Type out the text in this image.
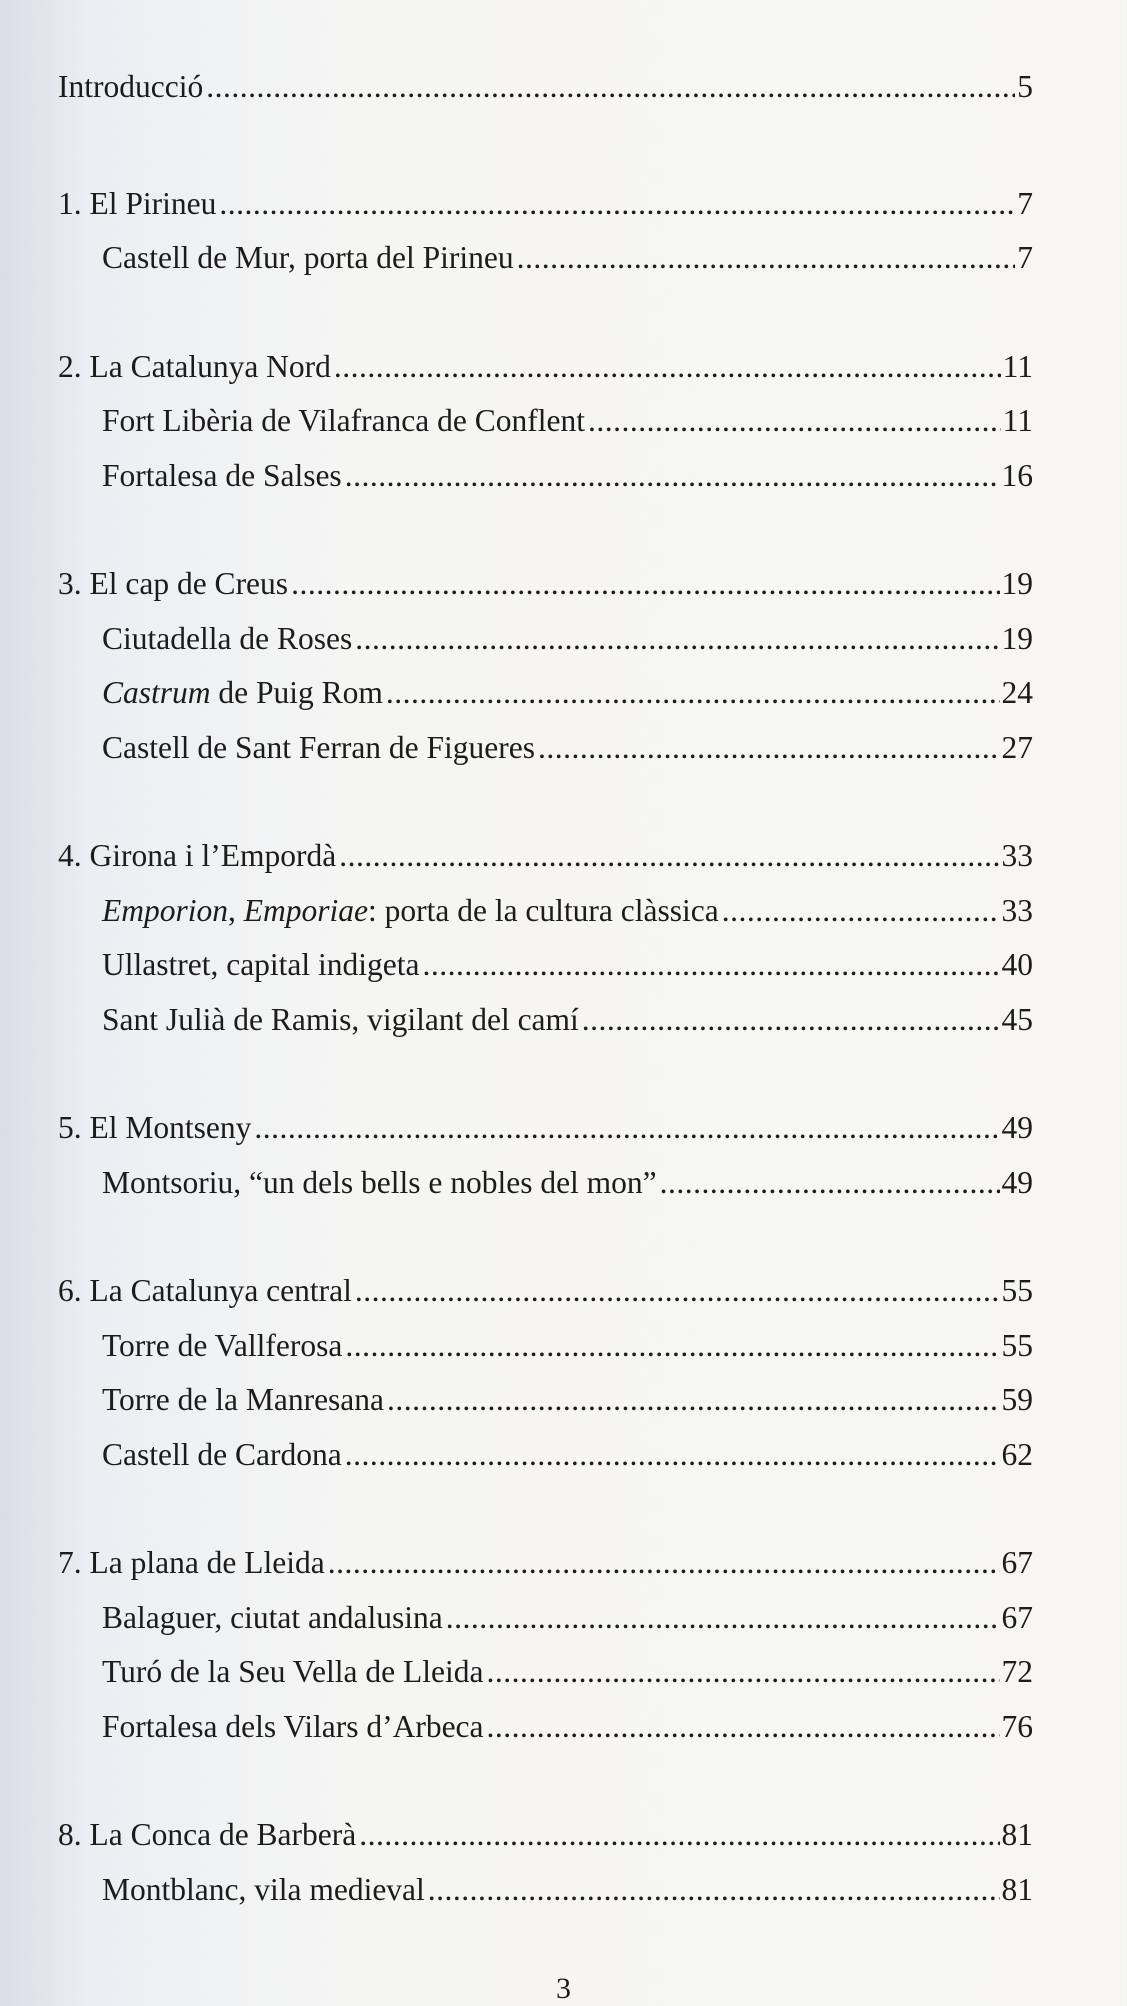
Introducció .....	5
1. El Pirineu .....	7
Castell de Mur, porta del Pirineu .....	7
2. La Catalunya Nord .....	11
Fort Libèria de Vilafranca de Conflent .....	11
Fortalesa de Salses .....	16
3. El cap de Creus .....	19
Ciutadella de Roses .....	19
Castrum de Puig Rom .....	24
Castell de Sant Ferran de Figueres .....	27
4. Girona i l’Empordà .....	33
Emporion, Emporiae: porta de la cultura clàssica .....	33
Ullastret, capital indigeta .....	40
Sant Julià de Ramis, vigilant del camí .....	45
5. El Montseny .....	49
Montsoriu, “un dels bells e nobles del mon” .....	49
6. La Catalunya central .....	55
Torre de Vallferosa .....	55
Torre de la Manresana .....	59
Castell de Cardona .....	62
7. La plana de Lleida .....	67
Balaguer, ciutat andalusina .....	67
Turó de la Seu Vella de Lleida .....	72
Fortalesa dels Vilars d’Arbeca .....	76
8. La Conca de Barberà .....	81
Montblanc, vila medieval .....	81
3
